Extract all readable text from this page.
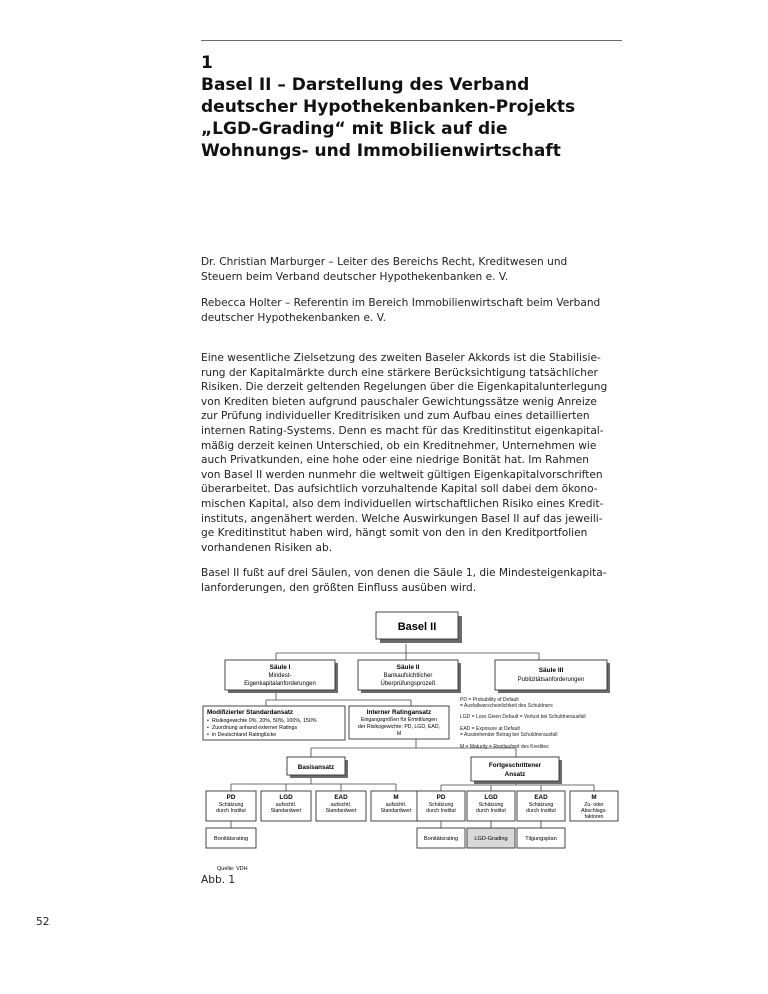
1
Basel II – Darstellung des Verband
deutscher Hypothekenbanken-Projekts
„LGD-Grading“ mit Blick auf die
Wohnungs- und Immobilienwirtschaft
Dr. Christian Marburger – Leiter des Bereichs Recht, Kreditwesen und
Steuern beim Verband deutscher Hypothekenbanken e. V.
Rebecca Holter – Referentin im Bereich Immobilienwirtschaft beim Verband
deutscher Hypothekenbanken e. V.
Eine wesentliche Zielsetzung des zweiten Baseler Akkords ist die Stabilisie-
rung der Kapitalmärkte durch eine stärkere Berücksichtigung tatsächlicher
Risiken. Die derzeit geltenden Regelungen über die Eigenkapitalunterlegung
von Krediten bieten aufgrund pauschaler Gewichtungssätze wenig Anreize
zur Prüfung individueller Kreditrisiken und zum Aufbau eines detaillierten
internen Rating-Systems. Denn es macht für das Kreditinstitut eigenkapital-
mäßig derzeit keinen Unterschied, ob ein Kreditnehmer, Unternehmen wie
auch Privatkunden, eine hohe oder eine niedrige Bonität hat. Im Rahmen
von Basel II werden nunmehr die weltweit gültigen Eigenkapitalvorschriften
überarbeitet. Das aufsichtlich vorzuhaltende Kapital soll dabei dem ökono-
mischen Kapital, also dem individuellen wirtschaftlichen Risiko eines Kredit-
instituts, angenähert werden. Welche Auswirkungen Basel II auf das jeweili-
ge Kreditinstitut haben wird, hängt somit von den in den Kreditportfolien
vorhandenen Risiken ab.
Basel II fußt auf drei Säulen, von denen die Säule 1, die Mindesteigenkapita-
lanforderungen, den größten Einfluss ausüben wird.
Basel II
Säule I
Mindest-
Eigenkapitalanforderungen
Säule II
Bankaufsichtlicher
Überprüfungsprozeß
Säule III
Publizitätsanforderungen
Modifizierter Standardansatz
• Risikogewichte 0%, 20%, 50%, 100%, 150%
• Zuordnung anhand externer Ratings
• in Deutschland Ratinglücke
Interner Ratingansatz
Eingangsgrößen für Ermittlungen
der Risikogewichte: PD, LGD, EAD,
M
PD = Probability of Default
= Ausfallwarscheinlichkeit des Schuldners
LGD = Loss Given Default = Verlust bei Schuldnerausfall
EAD = Exposure at Default
= Ausstehender Betrag bei Schuldnerausfall
M = Maturity = Restlaufzeit des Kredites
Basisansatz	Fortgeschrittener
Ansatz
PD
Schätzung
durch Institut
LGD
aufsichtl.
Standardwert
EAD
aufsichtl.
Standardwert
M
aufsichtl.
Standardwert
PD
Schätzung
durch Institut
LGD
Schätzung
durch Institut
EAD
Schätzung
durch Institut
M
Zu- oder
Abschlags-
faktoren
Bonitätsrating	Bonitätsrating	LGD-Grading	Tilgungsplan
Quelle: VDH
Abb. 1
52
